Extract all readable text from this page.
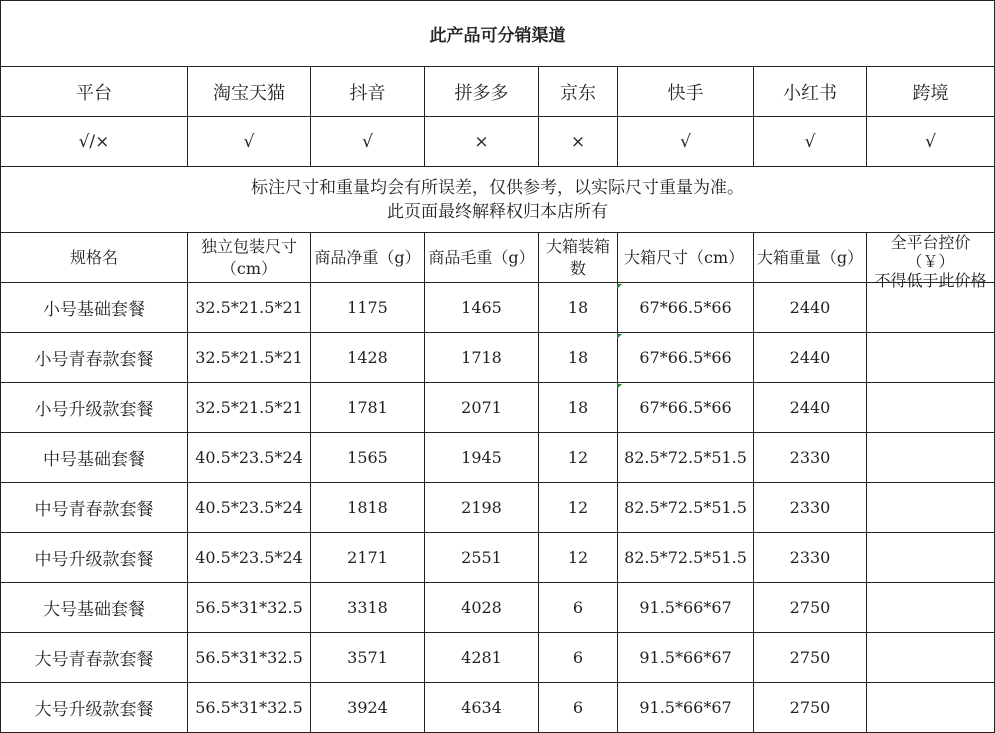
此产品可分销渠道							
平台	淘宝天猫	抖音	拼多多	京东	快手	小红书	跨境
√/×	√	√	×	×	√	√	√

标注尺寸和重量均会有所误差，仅供参考，以实际尺寸重量为准。
此页面最终解释权归本店所有							

规格名	独立包装尺寸（cm）	商品净重（g）	商品毛重（g）	大箱装箱数	大箱尺寸（cm）	大箱重量（g）	全平台控价
（￥）
不得低于此价格

小号基础套餐	32.5*21.5*21	1175	1465	18	67*66.5*66	2440	
小号青春款套餐	32.5*21.5*21	1428	1718	18	67*66.5*66	2440	
小号升级款套餐	32.5*21.5*21	1781	2071	18	67*66.5*66	2440	
中号基础套餐	40.5*23.5*24	1565	1945	12	82.5*72.5*51.5	2330	
中号青春款套餐	40.5*23.5*24	1818	2198	12	82.5*72.5*51.5	2330	
中号升级款套餐	40.5*23.5*24	2171	2551	12	82.5*72.5*51.5	2330	
大号基础套餐	56.5*31*32.5	3318	4028	6	91.5*66*67	2750	
大号青春款套餐	56.5*31*32.5	3571	4281	6	91.5*66*67	2750	
大号升级款套餐	56.5*31*32.5	3924	4634	6	91.5*66*67	2750	
